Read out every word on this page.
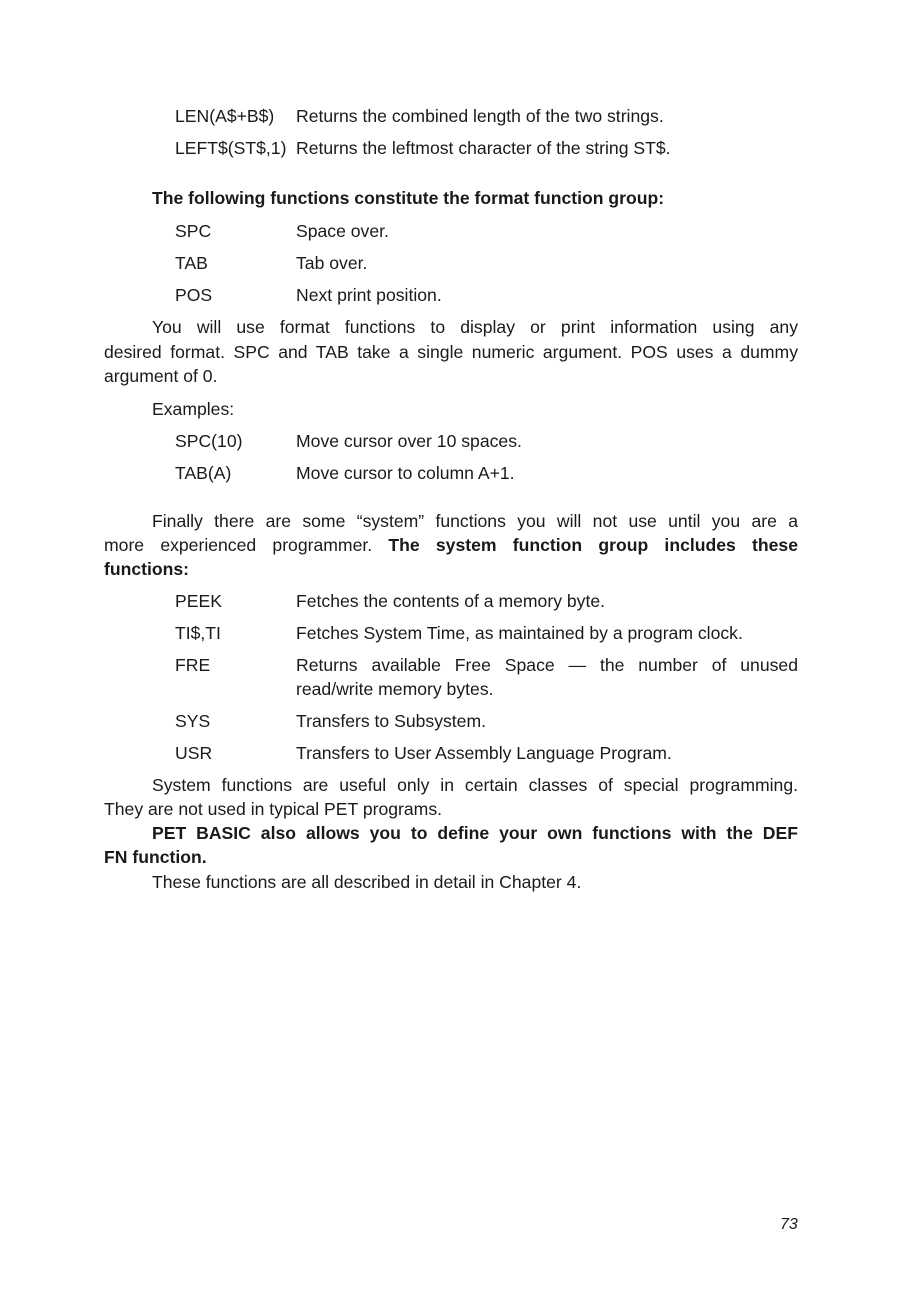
LEN(A$+B$) Returns the combined length of the two strings.
LEFT$(ST$,1) Returns the leftmost character of the string ST$.
The following functions constitute the format function group:
SPC	Space over.
TAB	Tab over.
POS	Next print position.
You will use format functions to display or print information using any
desired format. SPC and TAB take a single numeric argument. POS uses a dummy
argument of 0.
Examples:
SPC(10)	Move cursor over 10 spaces.
TAB(A)	Move cursor to column A+1.
Finally there are some “system” functions you will not use until you are a
more experienced programmer. The system function group includes these
functions:
PEEK	Fetches the contents of a memory byte.
TI$,TI	Fetches System Time, as maintained by a program clock.
FRE	Returns available Free Space — the number of unused
read/write memory bytes.
SYS	Transfers to Subsystem.
USR	Transfers to User Assembly Language Program.
System functions are useful only in certain classes of special programming.
They are not used in typical PET programs.
PET BASIC also allows you to define your own functions with the DEF
FN function.
These functions are all described in detail in Chapter 4.
73
